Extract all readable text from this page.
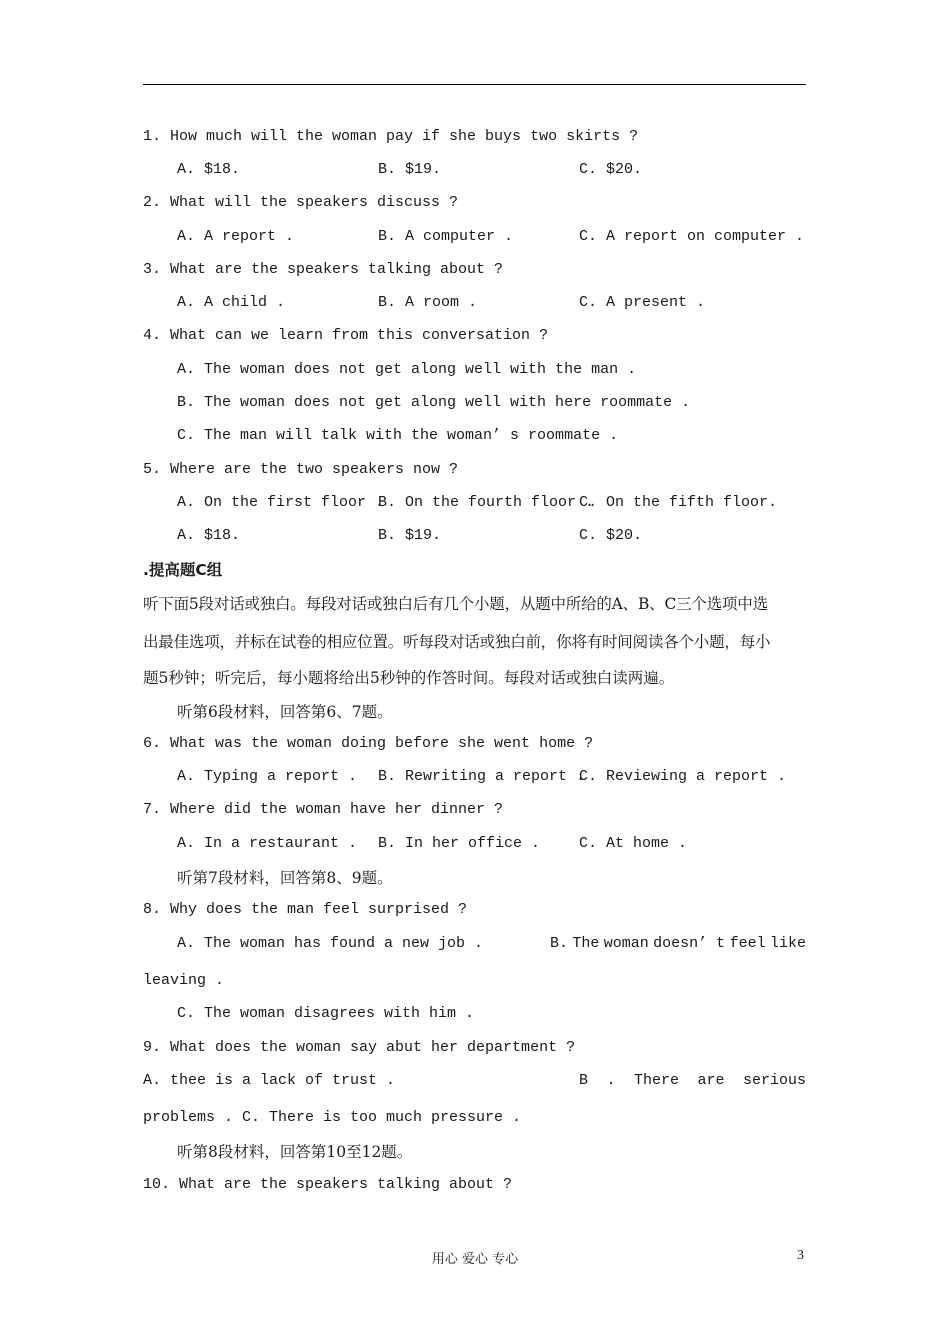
1. How much will the woman pay if she buys two skirts ?
A. $18.	B. $19.	C. $20.
2. What will the speakers discuss ?
A. A report .	B. A computer .	C. A report on computer .
3. What are the speakers talking about ?
A. A child .	B. A room .	C. A present .
4. What can we learn from this conversation ?
A. The woman does not get along well with the man .
B. The woman does not get along well with here roommate .
C. The man will talk with the woman’ s roommate .
5. Where are the two speakers now ?
A. On the first floor .
B. On the fourth floor .
C. On the fifth floor.
A. $18.	B. $19.	C. $20.
.提高题C组
听下面5段对话或独白。每段对话或独白后有几个小题，从题中所给的A、B、C三个选项中选
出最佳选项，并标在试卷的相应位置。听每段对话或独白前，你将有时间阅读各个小题，每小
题5秒钟；听完后，每小题将给出5秒钟的作答时间。每段对话或独白读两遍。
听第6段材料，回答第6、7题。
6. What was the woman doing before she went home ?
A. Typing a report . B. Rewriting a report .
C. Reviewing a report .
7. Where did the woman have her dinner ?
A. In a restaurant . B. In her office .	C. At home .
听第7段材料，回答第8、9题。
8. Why does the man feel surprised ?
A. The woman has found a new job .	B. The woman doesn’ t feel like
leaving .
C. The woman disagrees with him .
9. What does the woman say abut her department ?
A. thee is a lack of trust .	B . There are serious
problems . C. There is too much pressure .
听第8段材料，回答第10至12题。
10. What are the speakers talking about ?
用心 爱心 专心	3
